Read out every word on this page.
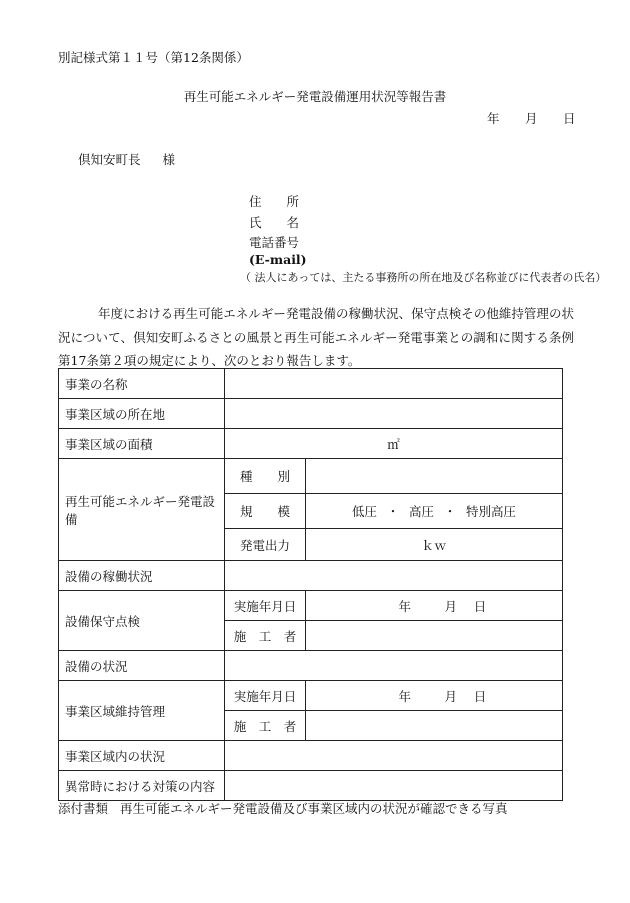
別記様式第１１号（第12条関係）
再生可能エネルギー発電設備運用状況等報告書
年 月 日
倶知安町長 様
住　　所
氏　　名
電話番号
(E-mail)
（ 法人にあっては、主たる事務所の所在地及び名称並びに代表者の氏名）
年度における再生可能エネルギー発電設備の稼働状況、保守点検その他維持管理の状況について、倶知安町ふるさとの風景と再生可能エネルギー発電事業との調和に関する条例第17条第２項の規定により、次のとおり報告します。
事業の名称		
事業区域の所在地		
事業区域の面積	㎡	
再生可能エネルギー発電設備	種　　別	
	規　　模	低圧 ・ 高圧 ・ 特別高圧
	発電出力	ｋｗ
設備の稼働状況		
設備保守点検	実施年月日	年 月 日
	施　工　者	
設備の状況		
事業区域維持管理	実施年月日	年 月 日
	施　工　者	
事業区域内の状況		
異常時における対策の内容		
添付書類 再生可能エネルギー発電設備及び事業区域内の状況が確認できる写真
